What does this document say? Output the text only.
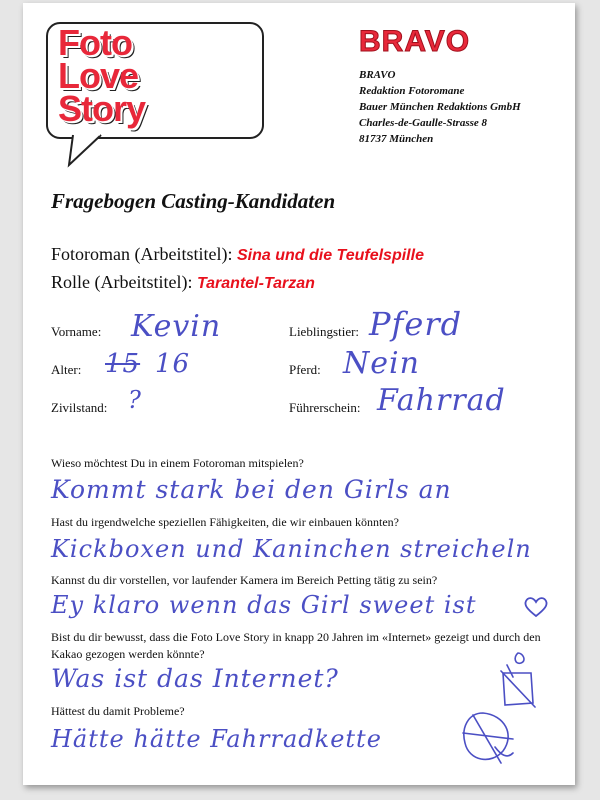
Foto
Love
Story
BRAVO
BRAVO
Redaktion Fotoromane
Bauer München Redaktions GmbH
Charles-de-Gaulle-Strasse 8
81737 München
Fragebogen Casting-Kandidaten
Fotoroman (Arbeitstitel): Sina und die Teufelspille
Rolle (Arbeitstitel): Tarantel-Tarzan
Vorname: Kevin
Alter: 15 16
Zivilstand: ?
Lieblingstier: Pferd
Pferd: Nein
Führerschein: Fahrrad
Wieso möchtest Du in einem Fotoroman mitspielen?
Kommt stark bei den Girls an
Hast du irgendwelche speziellen Fähigkeiten, die wir einbauen könnten?
Kickboxen und Kaninchen streicheln
Kannst du dir vorstellen, vor laufender Kamera im Bereich Petting tätig zu sein?
Ey klaro wenn das Girl sweet ist
Bist du dir bewusst, dass die Foto Love Story in knapp 20 Jahren im «Internet» gezeigt und durch den Kakao gezogen werden könnte?
Was ist das Internet?
Hättest du damit Probleme?
Hätte hätte Fahrradkette
